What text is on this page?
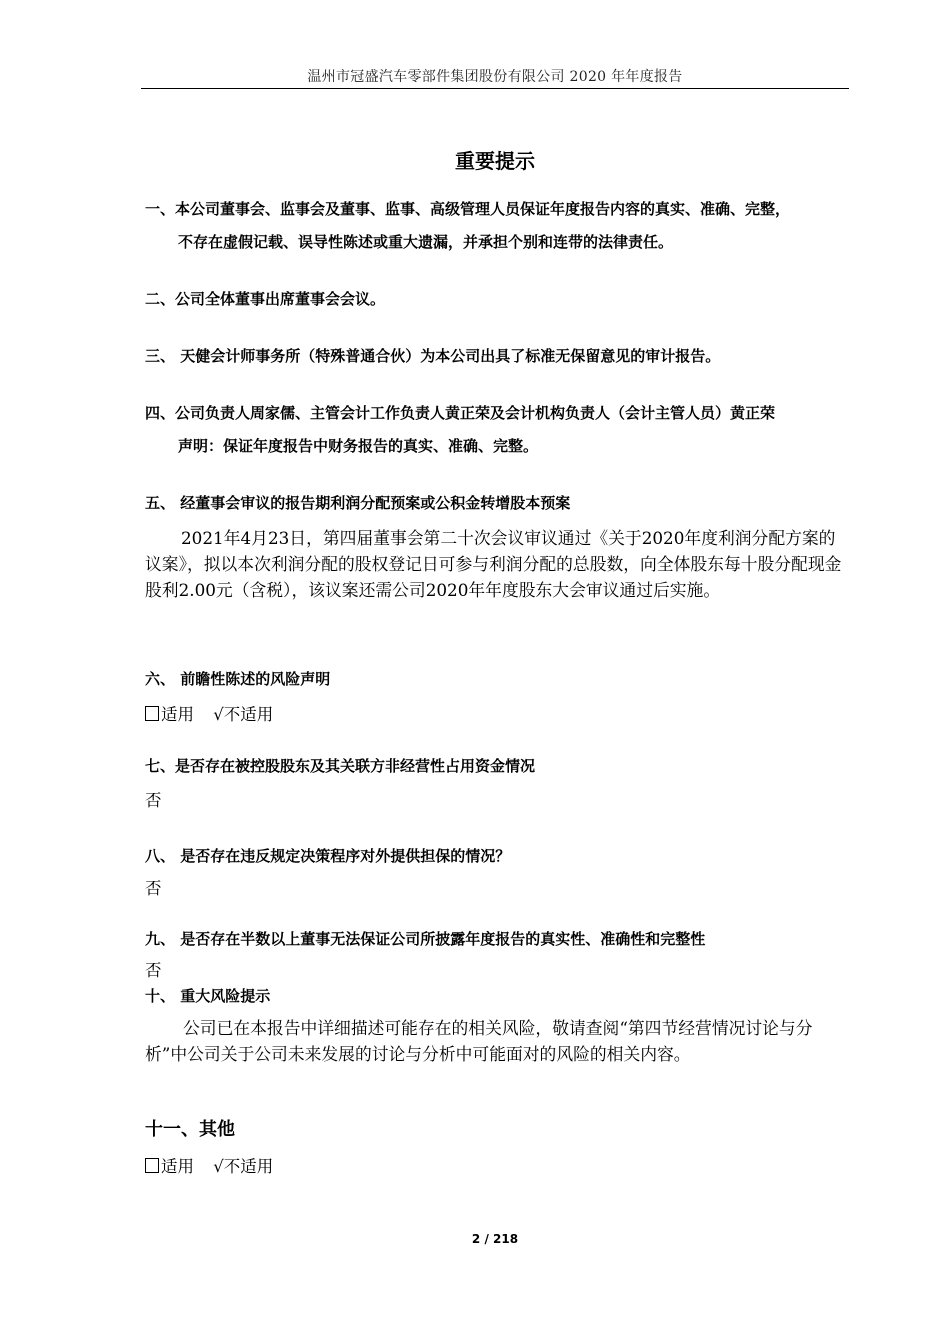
温州市冠盛汽车零部件集团股份有限公司 2020 年年度报告
重要提示
一、本公司董事会、监事会及董事、监事、高级管理人员保证年度报告内容的真实、准确、完整，
不存在虚假记载、误导性陈述或重大遗漏，并承担个别和连带的法律责任。
二、公司全体董事出席董事会会议。
三、 天健会计师事务所（特殊普通合伙）为本公司出具了标准无保留意见的审计报告。
四、公司负责人周家儒、主管会计工作负责人黄正荣及会计机构负责人（会计主管人员）黄正荣
声明：保证年度报告中财务报告的真实、准确、完整。
五、 经董事会审议的报告期利润分配预案或公积金转增股本预案
2021年4月23日，第四届董事会第二十次会议审议通过《关于2020年度利润分配方案的议案》，拟以本次利润分配的股权登记日可参与利润分配的总股数，向全体股东每十股分配现金股利2.00元（含税），该议案还需公司2020年年度股东大会审议通过后实施。
六、 前瞻性陈述的风险声明
适用 √不适用
七、是否存在被控股股东及其关联方非经营性占用资金情况
否
八、 是否存在违反规定决策程序对外提供担保的情况？
否
九、 是否存在半数以上董事无法保证公司所披露年度报告的真实性、准确性和完整性
否
十、 重大风险提示
公司已在本报告中详细描述可能存在的相关风险，敬请查阅“第四节经营情况讨论与分析”中公司关于公司未来发展的讨论与分析中可能面对的风险的相关内容。
十一、其他
适用 √不适用
2 / 218
